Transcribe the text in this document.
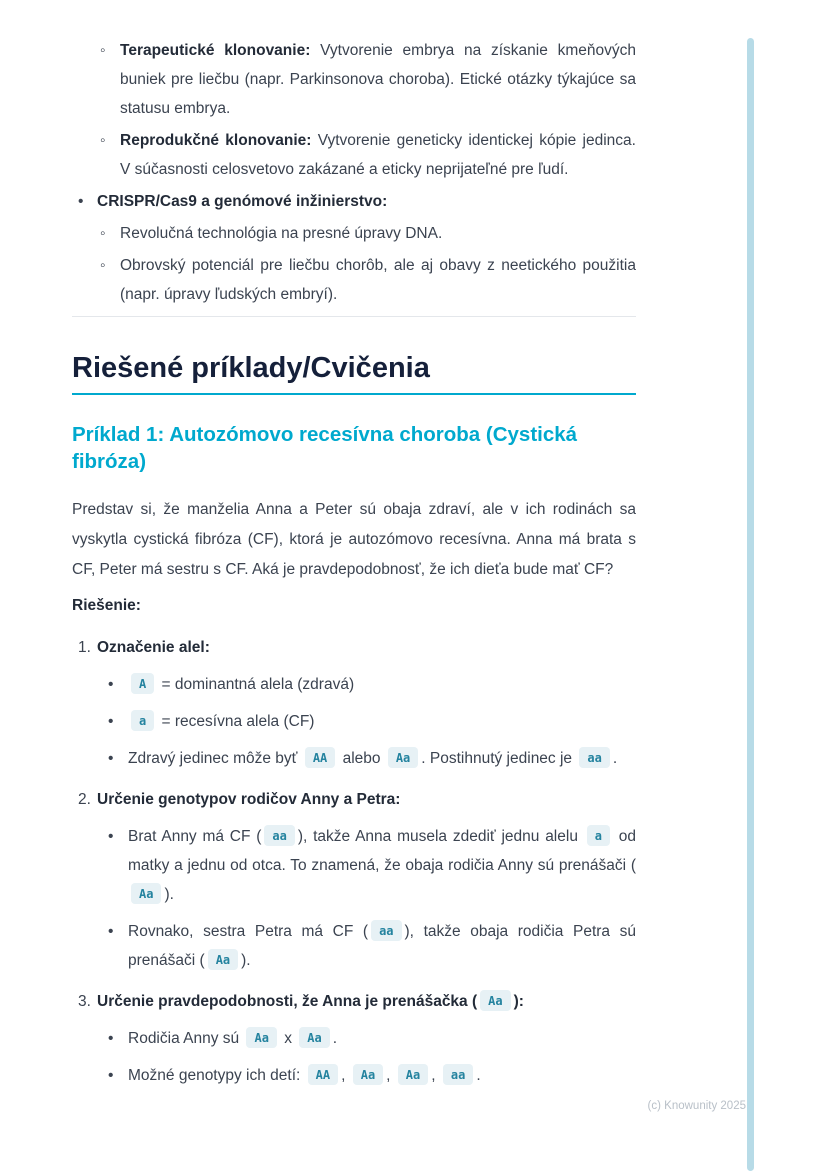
◦ Terapeutické klonovanie: Vytvorenie embrya na získanie kmeňových buniek pre liečbu (napr. Parkinsonova choroba). Etické otázky týkajúce sa statusu embrya.
◦ Reprodukčné klonovanie: Vytvorenie geneticky identickej kópie jedinca. V súčasnosti celosvetovo zakázané a eticky neprijateľné pre ľudí.
• CRISPR/Cas9 a genómové inžinierstvo:
◦ Revolučná technológia na presné úpravy DNA.
◦ Obrovský potenciál pre liečbu chorôb, ale aj obavy z neetického použitia (napr. úpravy ľudských embryí).
Riešené príklady/Cvičenia
Príklad 1: Autozómovo recesívna choroba (Cystická fibróza)

Predstav si, že manželia Anna a Peter sú obaja zdraví, ale v ich rodinách sa vyskytla cystická fibróza (CF), ktorá je autozómovo recesívna. Anna má brata s CF, Peter má sestru s CF. Aká je pravdepodobnosť, že ich dieťa bude mať CF?

Riešenie:

1. Označenie alel:
•	A = dominantná alela (zdravá)
•	a = recesívna alela (CF)
• Zdravý jedinec môže byť AA alebo Aa . Postihnutý jedinec je aa .
2. Určenie genotypov rodičov Anny a Petra:
• Brat Anny má CF ( aa ), takže Anna musela zdediť jednu alelu a od matky a jednu od otca. To znamená, že obaja rodičia Anny sú prenášači (Aa ).
• Rovnako, sestra Petra má CF ( aa ), takže obaja rodičia Petra sú prenášači ( Aa ).
3. Určenie pravdepodobnosti, že Anna je prenášačka ( Aa ):
• Rodičia Anny sú Aa x Aa .
• Možné genotypy ich detí: AA , Aa , Aa , aa .
(c) Knowunity 2025
